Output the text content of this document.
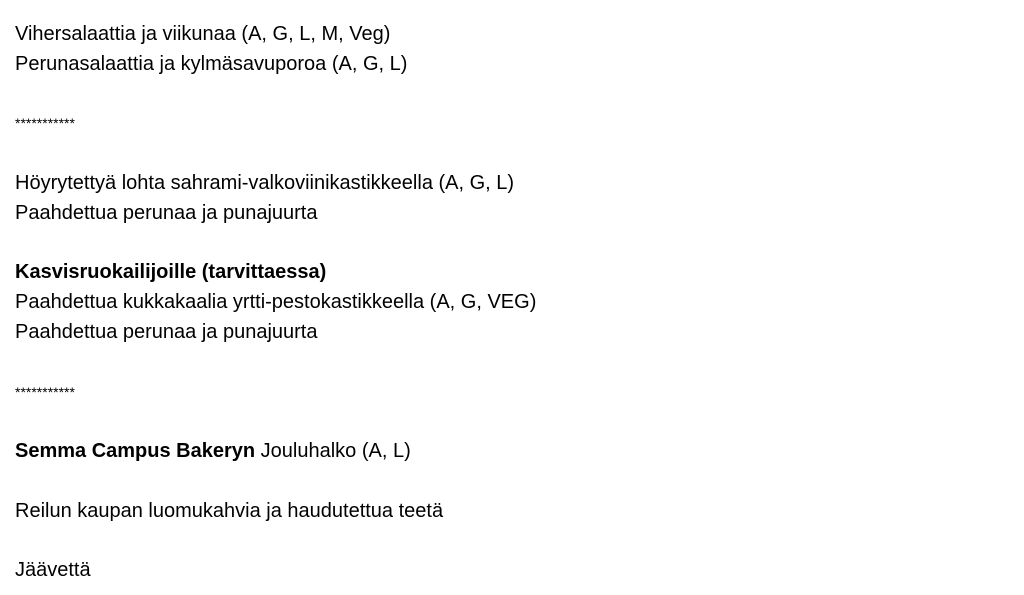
Vihersalaattia ja viikunaa (A, G, L, M, Veg)
Perunasalaattia ja kylmäsavuporoa (A, G, L)
***********
Höyrytettyä lohta sahrami-valkoviinikastikkeella (A, G, L)
Paahdettua perunaa ja punajuurta
Kasvisruokailijoille (tarvittaessa)
Paahdettua kukkakaalia yrtti-pestokastikkeella (A, G, VEG)
Paahdettua perunaa ja punajuurta
***********
Semma Campus Bakeryn Jouluhalko (A, L)
Reilun kaupan luomukahvia ja haudutettua teetä
Jäävettä
